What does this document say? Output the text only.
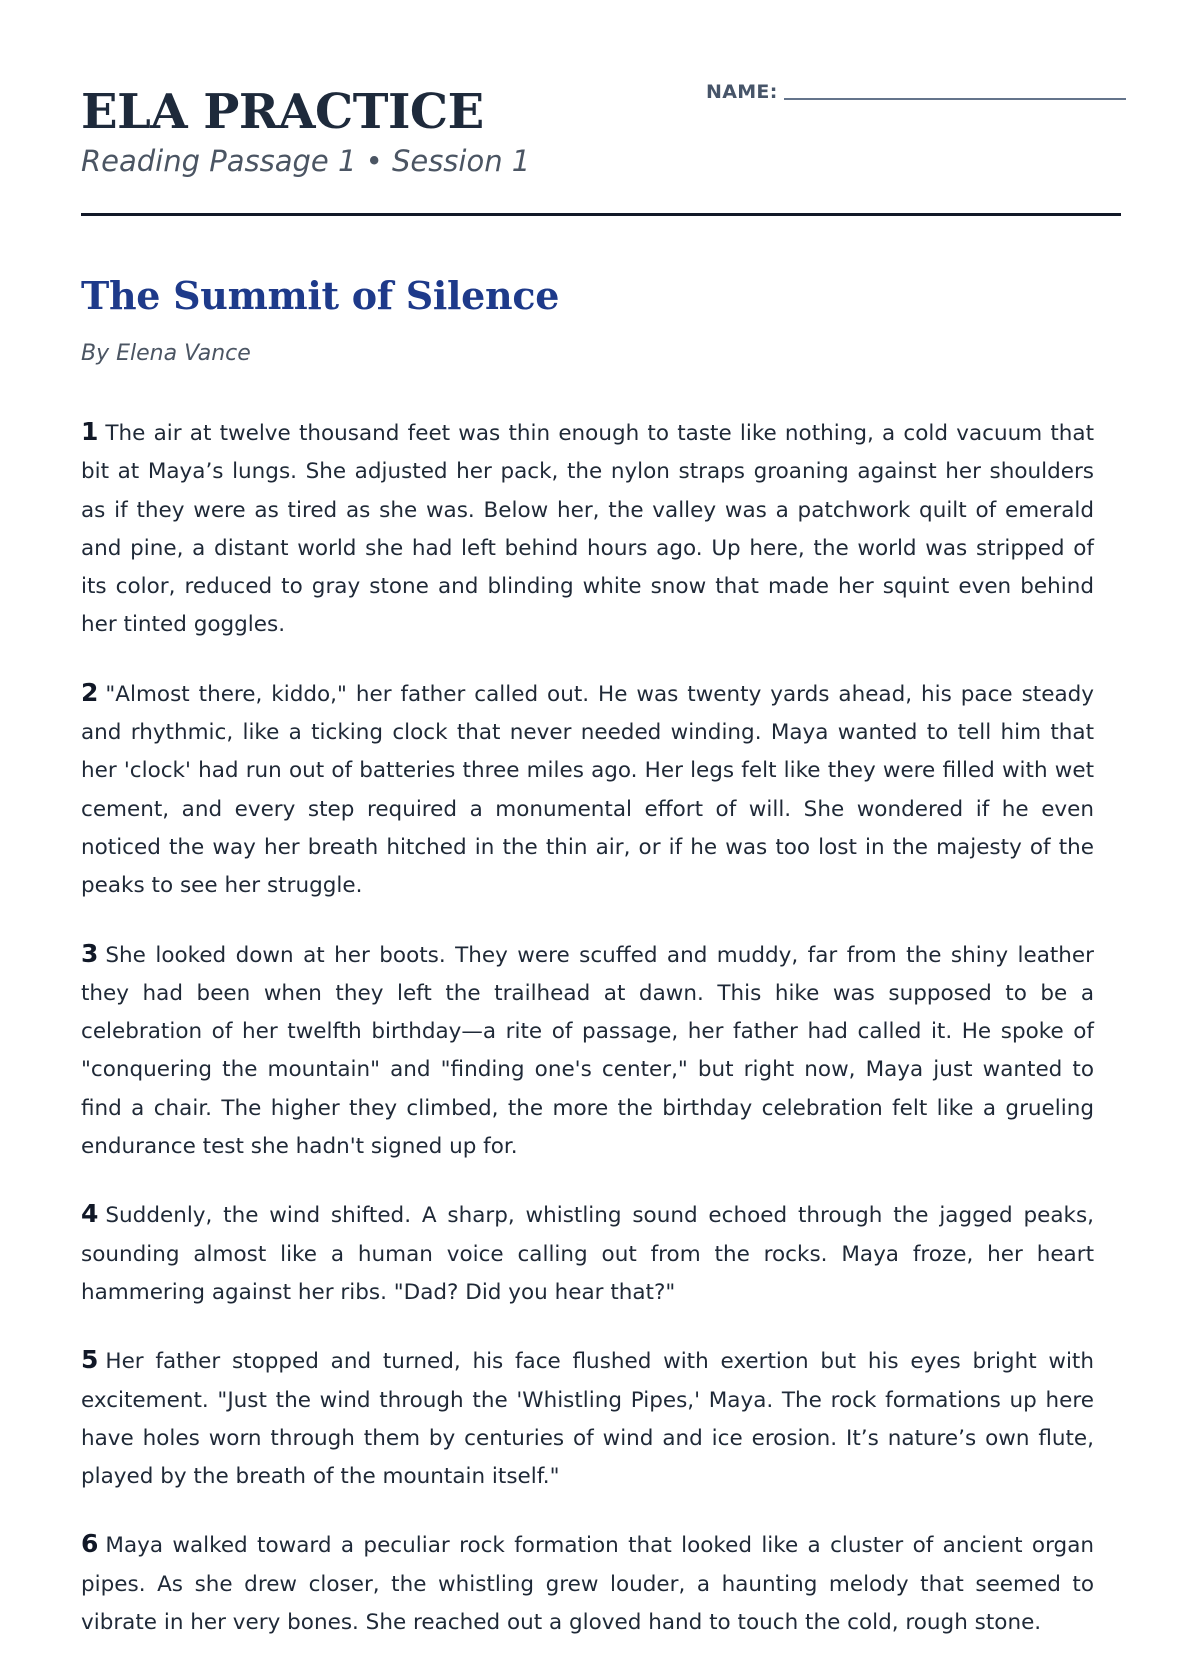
ELA PRACTICE

Reading Passage 1 • Session 1

NAME:
The Summit of Silence

By Elena Vance

1 The air at twelve thousand feet was thin enough to taste like nothing, a cold vacuum that bit at Maya’s lungs. She adjusted her pack, the nylon straps groaning against her shoulders as if they were as tired as she was. Below her, the valley was a patchwork quilt of emerald and pine, a distant world she had left behind hours ago. Up here, the world was stripped of its color, reduced to gray stone and blinding white snow that made her squint even behind her tinted goggles.

2 "Almost there, kiddo," her father called out. He was twenty yards ahead, his pace steady and rhythmic, like a ticking clock that never needed winding. Maya wanted to tell him that her 'clock' had run out of batteries three miles ago. Her legs felt like they were filled with wet cement, and every step required a monumental effort of will. She wondered if he even noticed the way her breath hitched in the thin air, or if he was too lost in the majesty of the peaks to see her struggle.

3 She looked down at her boots. They were scuffed and muddy, far from the shiny leather they had been when they left the trailhead at dawn. This hike was supposed to be a celebration of her twelfth birthday—a rite of passage, her father had called it. He spoke of "conquering the mountain" and "finding one's center," but right now, Maya just wanted to find a chair. The higher they climbed, the more the birthday celebration felt like a grueling endurance test she hadn't signed up for.

4 Suddenly, the wind shifted. A sharp, whistling sound echoed through the jagged peaks, sounding almost like a human voice calling out from the rocks. Maya froze, her heart hammering against her ribs. "Dad? Did you hear that?"

5 Her father stopped and turned, his face flushed with exertion but his eyes bright with excitement. "Just the wind through the 'Whistling Pipes,' Maya. The rock formations up here have holes worn through them by centuries of wind and ice erosion. It’s nature’s own flute, played by the breath of the mountain itself."

6 Maya walked toward a peculiar rock formation that looked like a cluster of ancient organ pipes. As she drew closer, the whistling grew louder, a haunting melody that seemed to vibrate in her very bones. She reached out a gloved hand to touch the cold, rough stone.
